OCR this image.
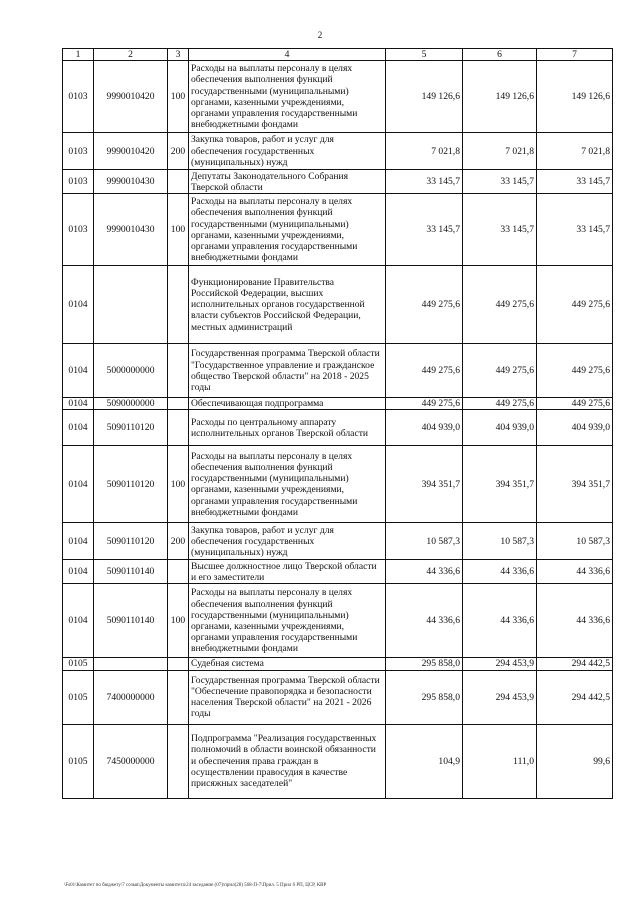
2
1	2	3	4	5	6	7
0103	9990010420	100	Расходы на выплаты персоналу в целях обеспечения выполнения функций государственными (муниципальными) органами, казенными учреждениями, органами управления государственными внебюджетными фондами	149 126,6	149 126,6	149 126,6
0103	9990010420	200	Закупка товаров, работ и услуг для обеспечения государственных (муниципальных) нужд	7 021,8	7 021,8	7 021,8
0103	9990010430		Депутаты Законодательного Собрания Тверской области	33 145,7	33 145,7	33 145,7
0103	9990010430	100	Расходы на выплаты персоналу в целях обеспечения выполнения функций государственными (муниципальными) органами, казенными учреждениями, органами управления государственными внебюджетными фондами	33 145,7	33 145,7	33 145,7
0104			Функционирование Правительства Российской Федерации, высших исполнительных органов государственной власти субъектов Российской Федерации, местных администраций	449 275,6	449 275,6	449 275,6
0104	5000000000		Государственная программа Тверской области "Государственное управление и гражданское общество Тверской области" на 2018 - 2025 годы	449 275,6	449 275,6	449 275,6
0104	5090000000		Обеспечивающая подпрограмма	449 275,6	449 275,6	449 275,6
0104	5090110120		Расходы по центральному аппарату исполнительных органов Тверской области	404 939,0	404 939,0	404 939,0
0104	5090110120	100	Расходы на выплаты персоналу в целях обеспечения выполнения функций государственными (муниципальными) органами, казенными учреждениями, органами управления государственными внебюджетными фондами	394 351,7	394 351,7	394 351,7
0104	5090110120	200	Закупка товаров, работ и услуг для обеспечения государственных (муниципальных) нужд	10 587,3	10 587,3	10 587,3
0104	5090110140		Высшее должностное лицо Тверской области и его заместители	44 336,6	44 336,6	44 336,6
0104	5090110140	100	Расходы на выплаты персоналу в целях обеспечения выполнения функций государственными (муниципальными) органами, казенными учреждениями, органами управления государственными внебюджетными фондами	44 336,6	44 336,6	44 336,6
0105			Судебная система	295 858,0	294 453,9	294 442,5
0105	7400000000		Государственная программа Тверской области "Обеспечение правопорядка и безопасности населения Тверской области" на 2021 - 2026 годы	295 858,0	294 453,9	294 442,5
0105	7450000000		Подпрограмма "Реализация государственных полномочий в области воинской обязанности и обеспечения права граждан в осуществлении правосудия в качестве присяжных заседателей"	104,9	111,0	99,6
\Fs01\Комитет по бюджету\7 созыв\Документы комитета\24 заседание (07)\прил(28) 568-П-7\Прил. 5 Прил 6 РП, ЦСР, КВР
